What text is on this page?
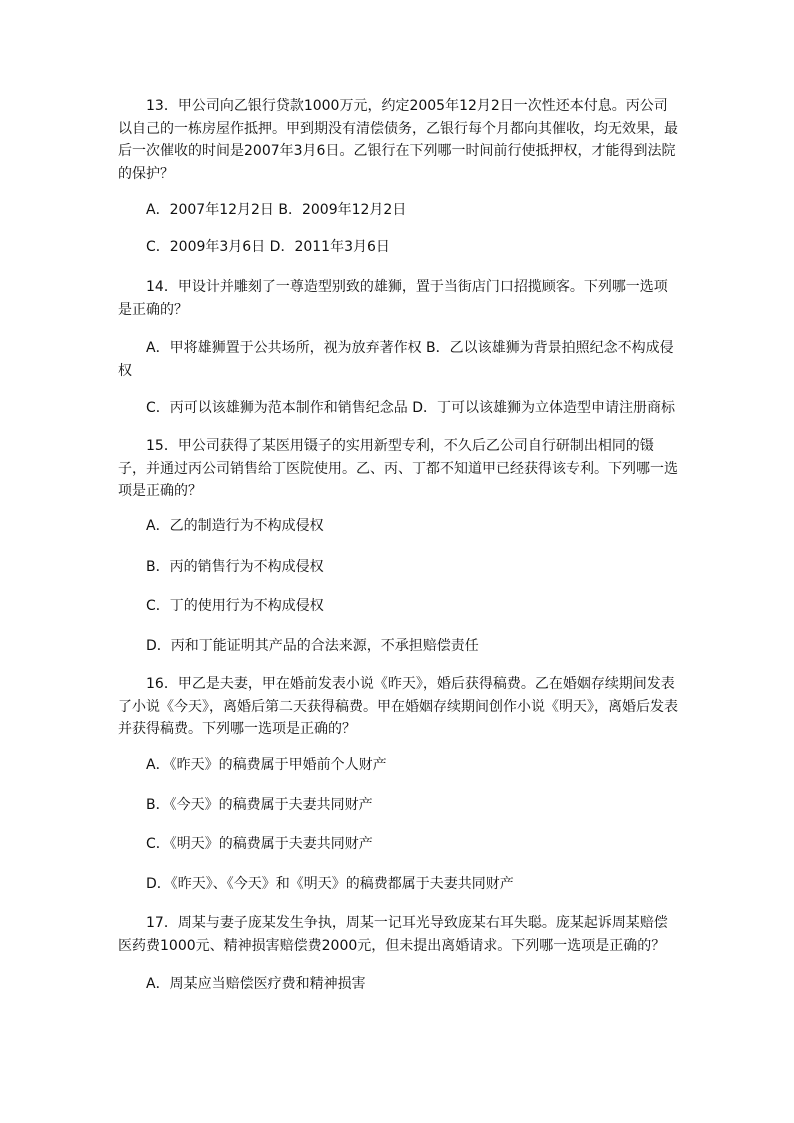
13．甲公司向乙银行贷款1000万元，约定2005年12月2日一次性还本付息。丙公司以自己的一栋房屋作抵押。甲到期没有清偿债务，乙银行每个月都向其催收，均无效果，最后一次催收的时间是2007年3月6日。乙银行在下列哪一时间前行使抵押权，才能得到法院的保护？

A．2007年12月2日 B．2009年12月2日

C．2009年3月6日 D．2011年3月6日

14．甲设计并雕刻了一尊造型别致的雄狮，置于当街店门口招揽顾客。下列哪一选项是正确的？

A．甲将雄狮置于公共场所，视为放弃著作权 B．乙以该雄狮为背景拍照纪念不构成侵权

C．丙可以该雄狮为范本制作和销售纪念品 D．丁可以该雄狮为立体造型申请注册商标

15．甲公司获得了某医用镊子的实用新型专利，不久后乙公司自行研制出相同的镊子，并通过丙公司销售给丁医院使用。乙、丙、丁都不知道甲已经获得该专利。下列哪一选项是正确的？

A．乙的制造行为不构成侵权

B．丙的销售行为不构成侵权

C．丁的使用行为不构成侵权

D．丙和丁能证明其产品的合法来源，不承担赔偿责任

16．甲乙是夫妻，甲在婚前发表小说《昨天》，婚后获得稿费。乙在婚姻存续期间发表了小说《今天》，离婚后第二天获得稿费。甲在婚姻存续期间创作小说《明天》，离婚后发表并获得稿费。下列哪一选项是正确的？

A．《昨天》的稿费属于甲婚前个人财产

B．《今天》的稿费属于夫妻共同财产

C．《明天》的稿费属于夫妻共同财产

D．《昨天》、《今天》和《明天》的稿费都属于夫妻共同财产

17．周某与妻子庞某发生争执，周某一记耳光导致庞某右耳失聪。庞某起诉周某赔偿医药费1000元、精神损害赔偿费2000元，但未提出离婚请求。下列哪一选项是正确的？

A．周某应当赔偿医疗费和精神损害
